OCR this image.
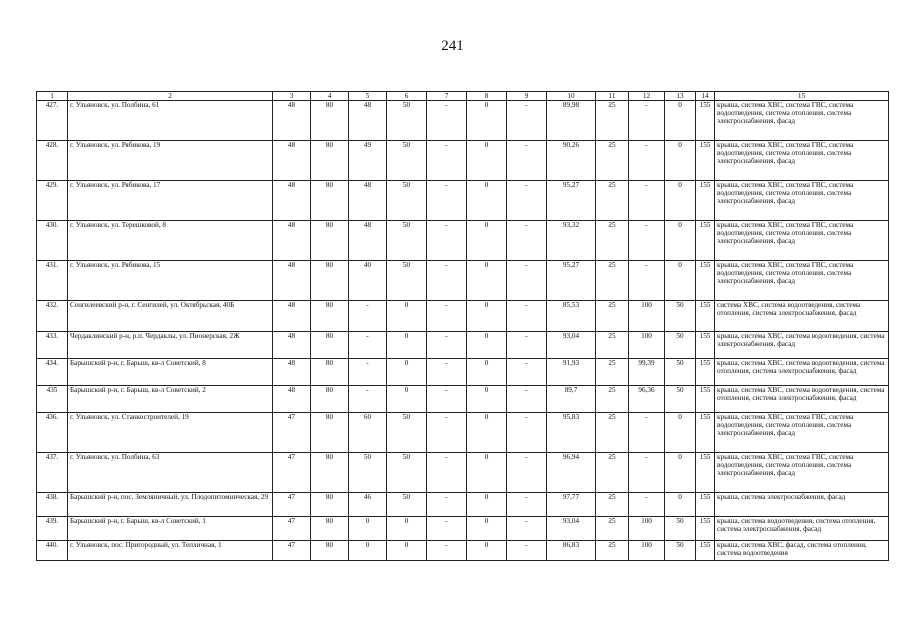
241
1	2	3	4	5	6	7	8	9	10	11	12	13	14	15
427.	г. Ульяновск, ул. Полбина, 61	48	80	48	50	-	0	-	89,98	25	-	0	155	крыша, система ХВС, система ГВС, система водоотведения, система отопления, система электроснабжения, фасад
428.	г. Ульяновск, ул. Рябикова, 19	48	80	49	50	-	0	-	90,26	25	-	0	155	крыша, система ХВС, система ГВС, система водоотведения, система отопления, система электроснабжения, фасад
429.	г. Ульяновск, ул. Рябикова, 17	48	80	48	50	-	0	-	95,27	25	-	0	155	крыша, система ХВС, система ГВС, система водоотведения, система отопления, система электроснабжения, фасад
430.	г. Ульяновск, ул. Терешковой, 8	48	80	48	50	-	0	-	93,32	25	-	0	155	крыша, система ХВС, система ГВС, система водоотведения, система отопления, система электроснабжения, фасад
431.	г. Ульяновск, ул. Рябикова, 15	48	80	40	50	-	0	-	95,27	25	-	0	155	крыша, система ХВС, система ГВС, система водоотведения, система отопления, система электроснабжения, фасад
432.	Сенгилеевский р-н, г. Сенгилей, ул. Октябрьская, 40Б	48	80	-	0	-	0	-	85,53	25	100	50	155	система ХВС, система водоотведения, система отопления, система электроснабжения, фасад
433.	Чердаклинский р-н, р.п. Чердаклы, ул. Пионерская, 2Ж	48	80	-	0	-	0	-	93,04	25	100	50	155	крыша, система ХВС, система водоотведения, система электроснабжения, фасад
434.	Барышский р-н, г. Барыш, кв-л Советский, 8	48	80	-	0	-	0	-	91,93	25	99,39	50	155	крыша, система ХВС, система водоотведения, система отопления, система электроснабжения, фасад
435	Барышский р-н, г. Барыш, кв-л Советский, 2	48	80	-	0	-	0	-	89,7	25	96,36	50	155	крыша, система ХВС, система водоотведения, система отопления, система электроснабжения, фасад
436.	г. Ульяновск, ул. Станкостроителей, 19	47	80	60	50	-	0	-	95,83	25	-	0	155	крыша, система ХВС, система ГВС, система водоотведения, система отопления, система электроснабжения, фасад
437.	г. Ульяновск, ул. Полбина, 63	47	80	50	50	-	0	-	96,94	25	-	0	155	крыша, система ХВС, система ГВС, система водоотведения, система отопления, система электроснабжения, фасад
438.	Барышский р-н, пос. Земляничный, ул. Плодопитомническая, 29	47	80	46	50	-	0	-	97,77	25	-	0	155	крыша, система электроснабжения, фасад
439.	Барышский р-н, г. Барыш, кв-л Советский, 1	47	80	0	0	-	0	-	93,04	25	100	50	155	крыша, система водоотведения, система отопления, система электроснабжения, фасад
440.	г. Ульяновск, пос. Пригородный, ул. Тепличная, 1	47	80	0	0	-	0	-	86,83	25	100	50	155	крыша, система ХВС, фасад, система отопления, система водоотведения
